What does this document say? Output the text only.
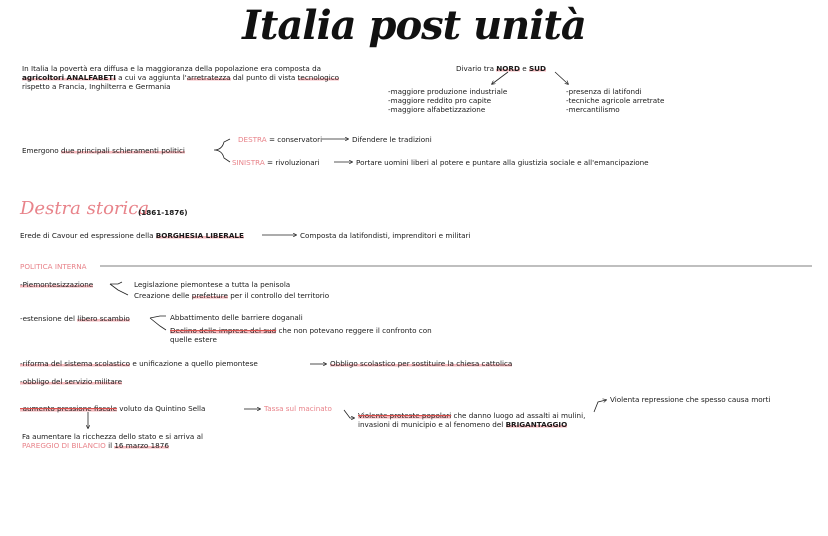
Italia post unità
In Italia la povertà era diffusa e la maggioranza della popolazione era composta da
agricoltori ANALFABETI a cui va aggiunta l'arretratezza dal punto di vista tecnologico
rispetto a Francia, Inghilterra e Germania
Divario tra NORD e SUD
-maggiore produzione industriale
-maggiore reddito pro capite
-maggiore alfabetizzazione
-presenza di latifondi
-tecniche agricole arretrate
-mercantilismo
Emergono due principali schieramenti politici
DESTRA = conservatori	Difendere le tradizioni
SINISTRA = rivoluzionari	Portare uomini liberi al potere e puntare alla giustizia sociale e all'emancipazione
Destra storica
(1861-1876)
Erede di Cavour ed espressione della BORGHESIA LIBERALE	Composta da latifondisti, imprenditori e militari
POLITICA INTERNA
-Piemontesizzazione	Legislazione piemontese a tutta la penisola
Creazione delle prefetture per il controllo del territorio
-estensione del libero scambio	Abbattimento delle barriere doganali
Declino delle imprese del sud che non potevano reggere il confronto con
quelle estere
-riforma del sistema scolastico e unificazione a quello piemontese	Obbligo scolastico per sostituire la chiesa cattolica
-obbligo del servizio militare
-aumento pressione fiscale voluto da Quintino Sella	Tassa sul macinato
Violente proteste popolari che danno luogo ad assalti ai mulini,
invasioni di municipio e al fenomeno del BRIGANTAGGIO
Violenta repressione che spesso causa morti
Fa aumentare la ricchezza dello stato e si arriva al
PAREGGIO DI BILANCIO il 16 marzo 1876
